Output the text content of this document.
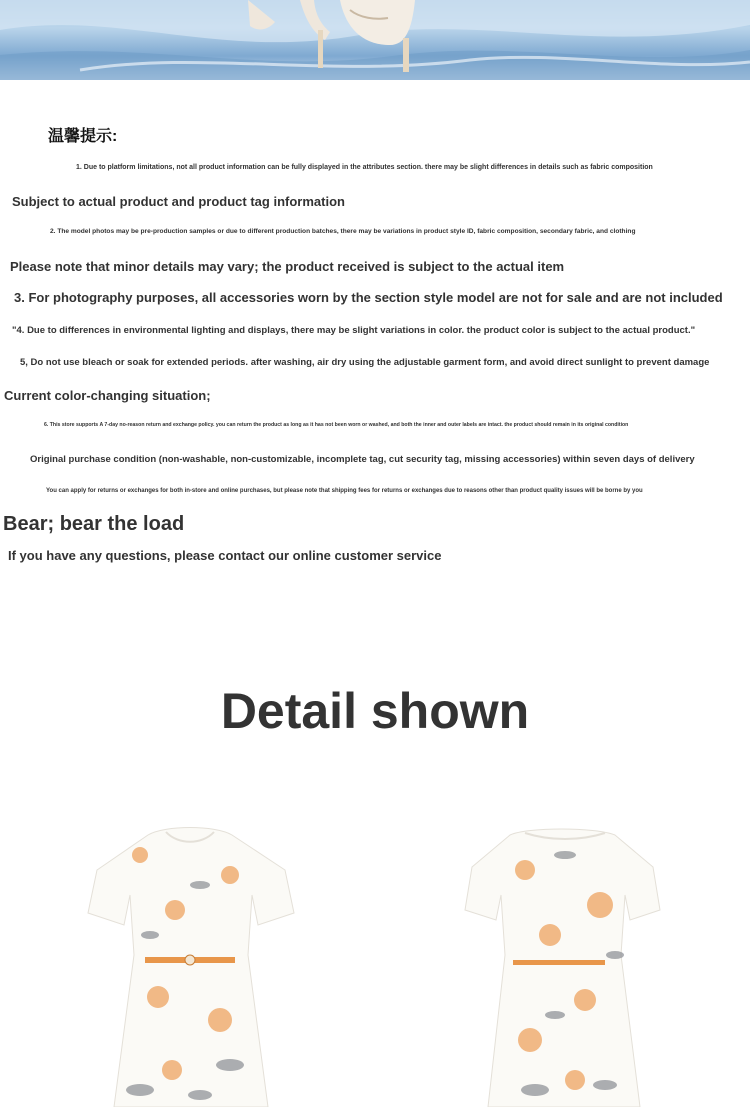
温馨提示:

1. Due to platform limitations, not all product information can be fully displayed in the attributes section. there may be slight differences in details such as fabric composition

Subject to actual product and product tag information

2. The model photos may be pre-production samples or due to different production batches, there may be variations in product style ID, fabric composition, secondary fabric, and clothing

Please note that minor details may vary; the product received is subject to the actual item

3. For photography purposes, all accessories worn by the section style model are not for sale and are not included

"4. Due to differences in environmental lighting and displays, there may be slight variations in color. the product color is subject to the actual product."

5, Do not use bleach or soak for extended periods. after washing, air dry using the adjustable garment form, and avoid direct sunlight to prevent damage

Current color-changing situation;

6. This store supports A 7-day no-reason return and exchange policy. you can return the product as long as it has not been worn or washed, and both the inner and outer labels are intact. the product should remain in its original condition

Original purchase condition (non-washable, non-customizable, incomplete tag, cut security tag, missing accessories) within seven days of delivery

You can apply for returns or exchanges for both in-store and online purchases, but please note that shipping fees for returns or exchanges due to reasons other than product quality issues will be borne by you

Bear; bear the load

If you have any questions, please contact our online customer service

Detail shown
